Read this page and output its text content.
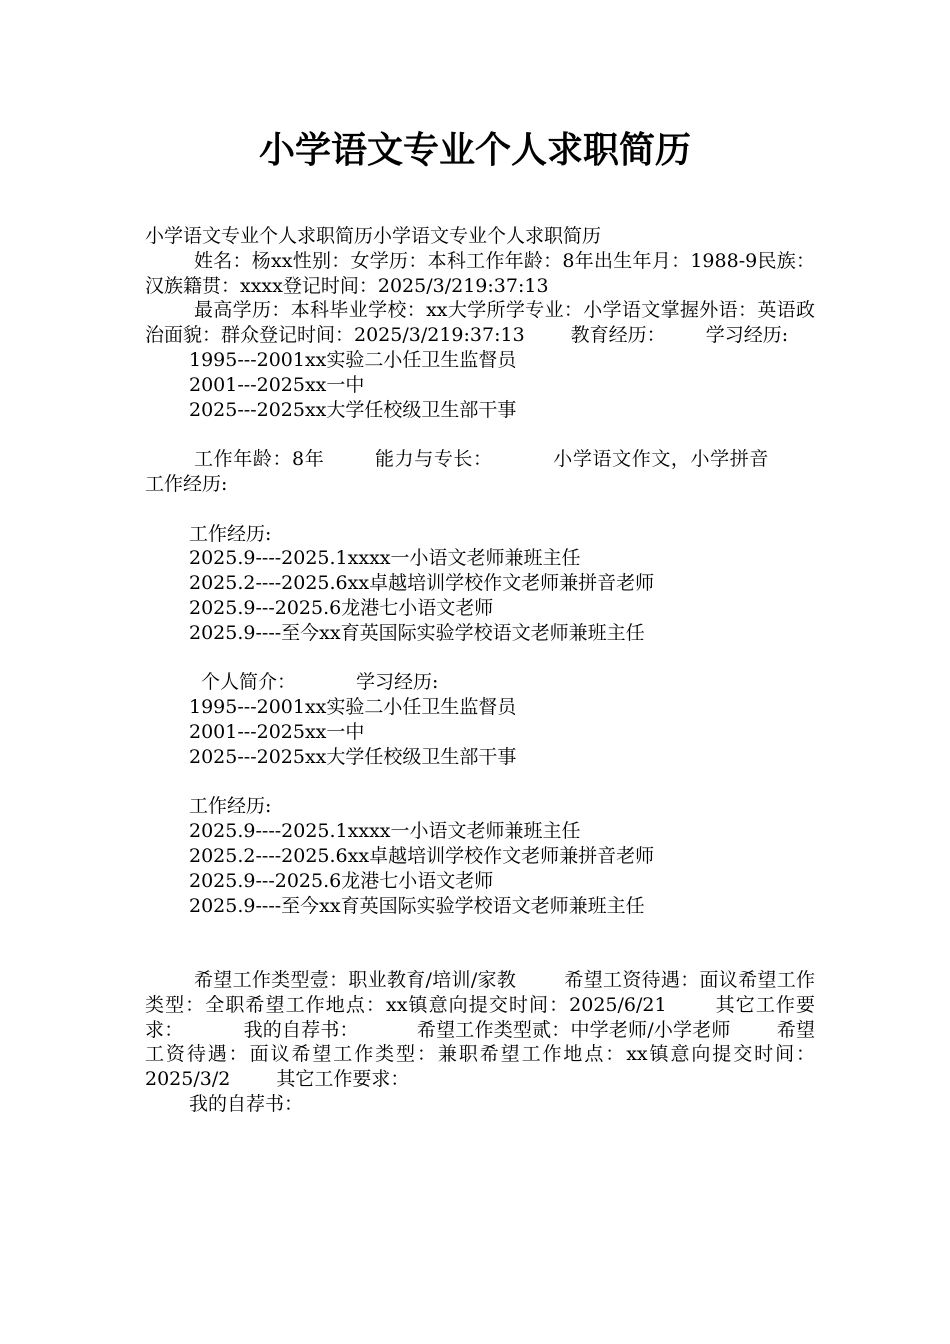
小学语文专业个人求职简历

小学语文专业个人求职简历小学语文专业个人求职简历

姓名：杨xx性别：女学历：本科工作年龄：8年出生年月：1988-9民族：汉族籍贯：xxxx登记时间：2025/3/219:37:13

最高学历：本科毕业学校：xx大学所学专业：小学语文掌握外语：英语政治面貌：群众登记时间：2025/3/219:37:13 教育经历： 学习经历:

1995---2001xx实验二小任卫生监督员
2001---2025xx一中
2025---2025xx大学任校级卫生部干事

工作年龄：8年	能力与专长：	小学语文作文，小学拼音工作经历:

工作经历:
2025.9----2025.1xxxx一小语文老师兼班主任
2025.2----2025.6xx卓越培训学校作文老师兼拼音老师
2025.9---2025.6龙港七小语文老师
2025.9----至今xx育英国际实验学校语文老师兼班主任
个人简介：	学习经历:
1995---2001xx实验二小任卫生监督员
2001---2025xx一中
2025---2025xx大学任校级卫生部干事
工作经历:
2025.9----2025.1xxxx一小语文老师兼班主任
2025.2----2025.6xx卓越培训学校作文老师兼拼音老师
2025.9---2025.6龙港七小语文老师
2025.9----至今xx育英国际实验学校语文老师兼班主任

希望工作类型壹：职业教育/培训/家教	希望工资待遇：面议希望工作类型：全职希望工作地点：xx镇意向提交时间：2025/6/21	其它工作要求：	我的自荐书：	希望工作类型贰：中学老师/小学老师 希望工资待遇：面议希望工作类型：兼职希望工作地点：xx镇意向提交时间：2025/3/2 其它工作要求：

我的自荐书：
